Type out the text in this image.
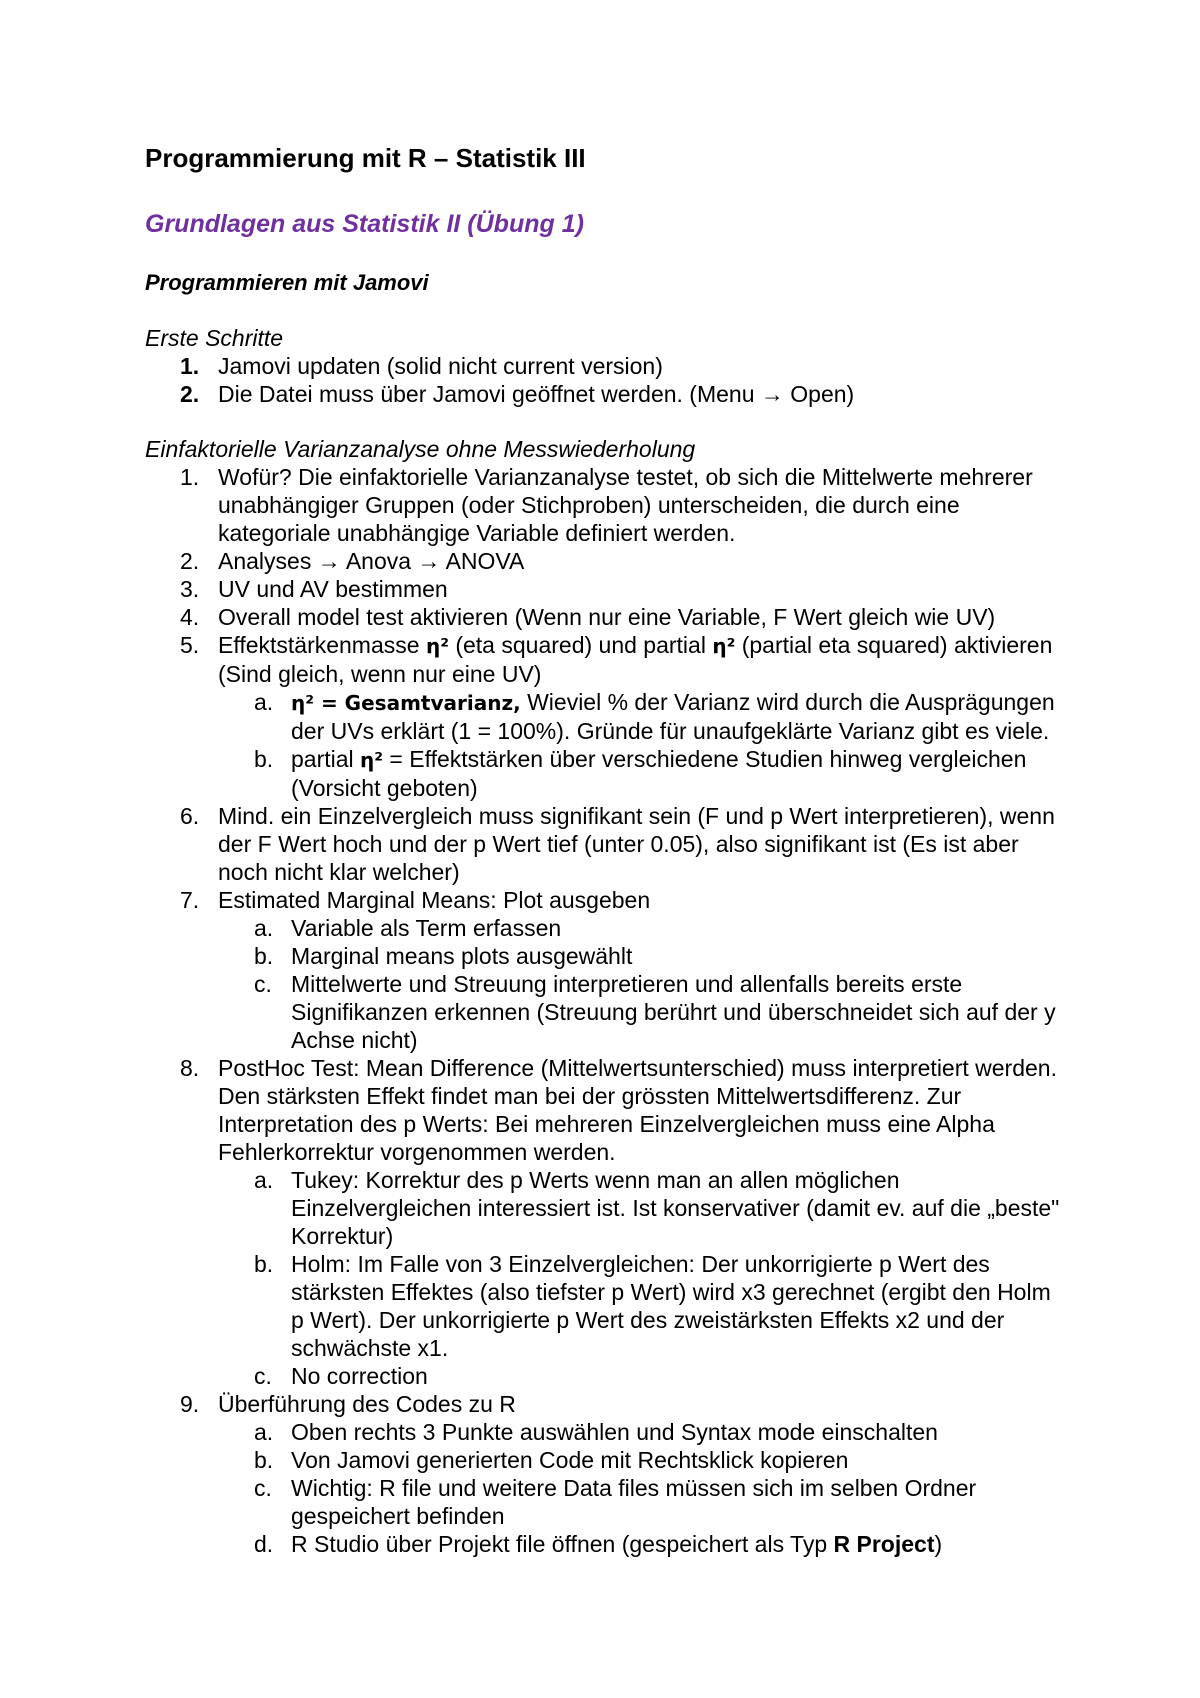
Programmierung mit R – Statistik III
Grundlagen aus Statistik II (Übung 1)
Programmieren mit Jamovi

Erste Schritte

1. Jamovi updaten (solid nicht current version)
2. Die Datei muss über Jamovi geöffnet werden. (Menu → Open)

Einfaktorielle Varianzanalyse ohne Messwiederholung

1. Wofür? Die einfaktorielle Varianzanalyse testet, ob sich die Mittelwerte mehrerer unabhängiger Gruppen (oder Stichproben) unterscheiden, die durch eine kategoriale unabhängige Variable definiert werden.
2. Analyses → Anova → ANOVA
3. UV und AV bestimmen
4. Overall model test aktivieren (Wenn nur eine Variable, F Wert gleich wie UV)
5. Effektstärkenmasse η² (eta squared) und partial η² (partial eta squared) aktivieren (Sind gleich, wenn nur eine UV)
a. η² = Gesamtvarianz, Wieviel % der Varianz wird durch die Ausprägungen der UVs erklärt (1 = 100%). Gründe für unaufgeklärte Varianz gibt es viele.
b. partial η² = Effektstärken über verschiedene Studien hinweg vergleichen (Vorsicht geboten)
6. Mind. ein Einzelvergleich muss signifikant sein (F und p Wert interpretieren), wenn der F Wert hoch und der p Wert tief (unter 0.05), also signifikant ist (Es ist aber noch nicht klar welcher)
7. Estimated Marginal Means: Plot ausgeben
a. Variable als Term erfassen
b. Marginal means plots ausgewählt
c. Mittelwerte und Streuung interpretieren und allenfalls bereits erste Signifikanzen erkennen (Streuung berührt und überschneidet sich auf der y Achse nicht)
8. PostHoc Test: Mean Difference (Mittelwertsunterschied) muss interpretiert werden. Den stärksten Effekt findet man bei der grössten Mittelwertsdifferenz. Zur Interpretation des p Werts: Bei mehreren Einzelvergleichen muss eine Alpha Fehlerkorrektur vorgenommen werden.
a. Tukey: Korrektur des p Werts wenn man an allen möglichen Einzelvergleichen interessiert ist. Ist konservativer (damit ev. auf die „beste" Korrektur)
b. Holm: Im Falle von 3 Einzelvergleichen: Der unkorrigierte p Wert des stärksten Effektes (also tiefster p Wert) wird x3 gerechnet (ergibt den Holm p Wert). Der unkorrigierte p Wert des zweistärksten Effekts x2 und der schwächste x1.
c. No correction
9. Überführung des Codes zu R
a. Oben rechts 3 Punkte auswählen und Syntax mode einschalten
b. Von Jamovi generierten Code mit Rechtsklick kopieren
c. Wichtig: R file und weitere Data files müssen sich im selben Ordner gespeichert befinden
d. R Studio über Projekt file öffnen (gespeichert als Typ R Project)
